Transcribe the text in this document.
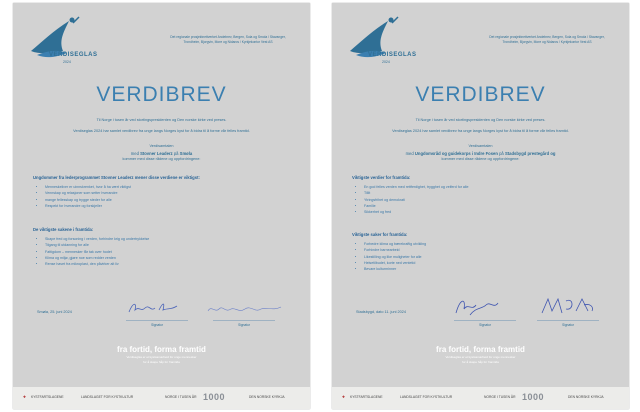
VERDISEGLAS
2024
Det regionale prosjektnettverket Andebrev, Bergen, Sola og Smola / Stavanger, Trondheim, Bjorgvin, More og Nidaros / Kyrkjekontor Vest AS
VERDIBREV
Til Norge i tusen år ved stortingspresidenten og Den norske kirke ved preses.
Verdiseglas 2024 har samlet verdibrev fra unge langs Norges kyst for å bidra til å forme vår felles framtid.
Verdisamtalen
med Stovner Leaderz på Smøla
kommer med disse rådene og oppfordringene:
Ungdommer fra lederprogrammet Stovner Leaderz mener disse verdiene er viktigst:
• Menneskeliver er uinnskrenket, hvor å ha vært viktigst
• Vennskap og relasjoner som setter hverandre
• mange fellesskap og trygge steder for alle
• Respekt for hverandre og forskjeller
De viktigste sakene i framtida:
• Skape fred og forsoning i verden, forhindre krig og undertrykkelse
• Tilgang til utdanning for alle
• Fattigdom – mennesker får tak over hodet
• Klima og miljø, gjøre noe som redder verden
• Rense havet fra mikroplast, den påvirker alt liv
Smøla, 25. juni 2024
Signatur	Signatur
fra fortid, forma framtid
Verdiseglas er et kystsamarbeid for unge mennesker
for å skape håp for framtida
✚ KYSTFARTSLAGENE	LANDSLAGET FOR KYSTKULTUR	NORGE I TUSEN ÅR 1000	DEN NORSKE KYRKJA
VERDISEGLAS
2024
Det regionale prosjektnettverket Andebrev, Bergen, Sola og Smola / Stavanger, Trondheim, Bjorgvin, More og Nidaros / Kyrkjekontor Vest AS
VERDIBREV
Til Norge i tusen år ved stortingspresidenten og Den norske kirke ved preses.
Verdiseglas 2024 har samlet verdibrev fra unge langs Norges kyst for å bidra til å forme vår felles framtid.
Verdisamtalen
med Ungdomsråd og guidekorps i Indre Fosen på Stadsbygd prestegård og
kommer med disse rådene og oppfordringene:
Viktigste verdier for framtida:
• En god felles verden med rettferdighet, trygghet og velferd for alle
• Tillit
• Ytringsfrihet og demokrati
• Familie
• Sikkerhet og fred
Viktigste saker for framtida:
• Forbedre klima og bærekraftig utvikling
• Forhindre barnearbeid
• Likestilling og like muligheter for alle
• Helsetilbudet, korte ned ventetid
• Bevare kulturminner
Stadsbygd, dato 11. juni 2024
Signatur	Signatur
fra fortid, forma framtid
Verdiseglas er et kystsamarbeid for unge mennesker
for å skape håp for framtida
✚ KYSTFARTSLAGENE	LANDSLAGET FOR KYSTKULTUR	NORGE I TUSEN ÅR 1000	DEN NORSKE KYRKJA
